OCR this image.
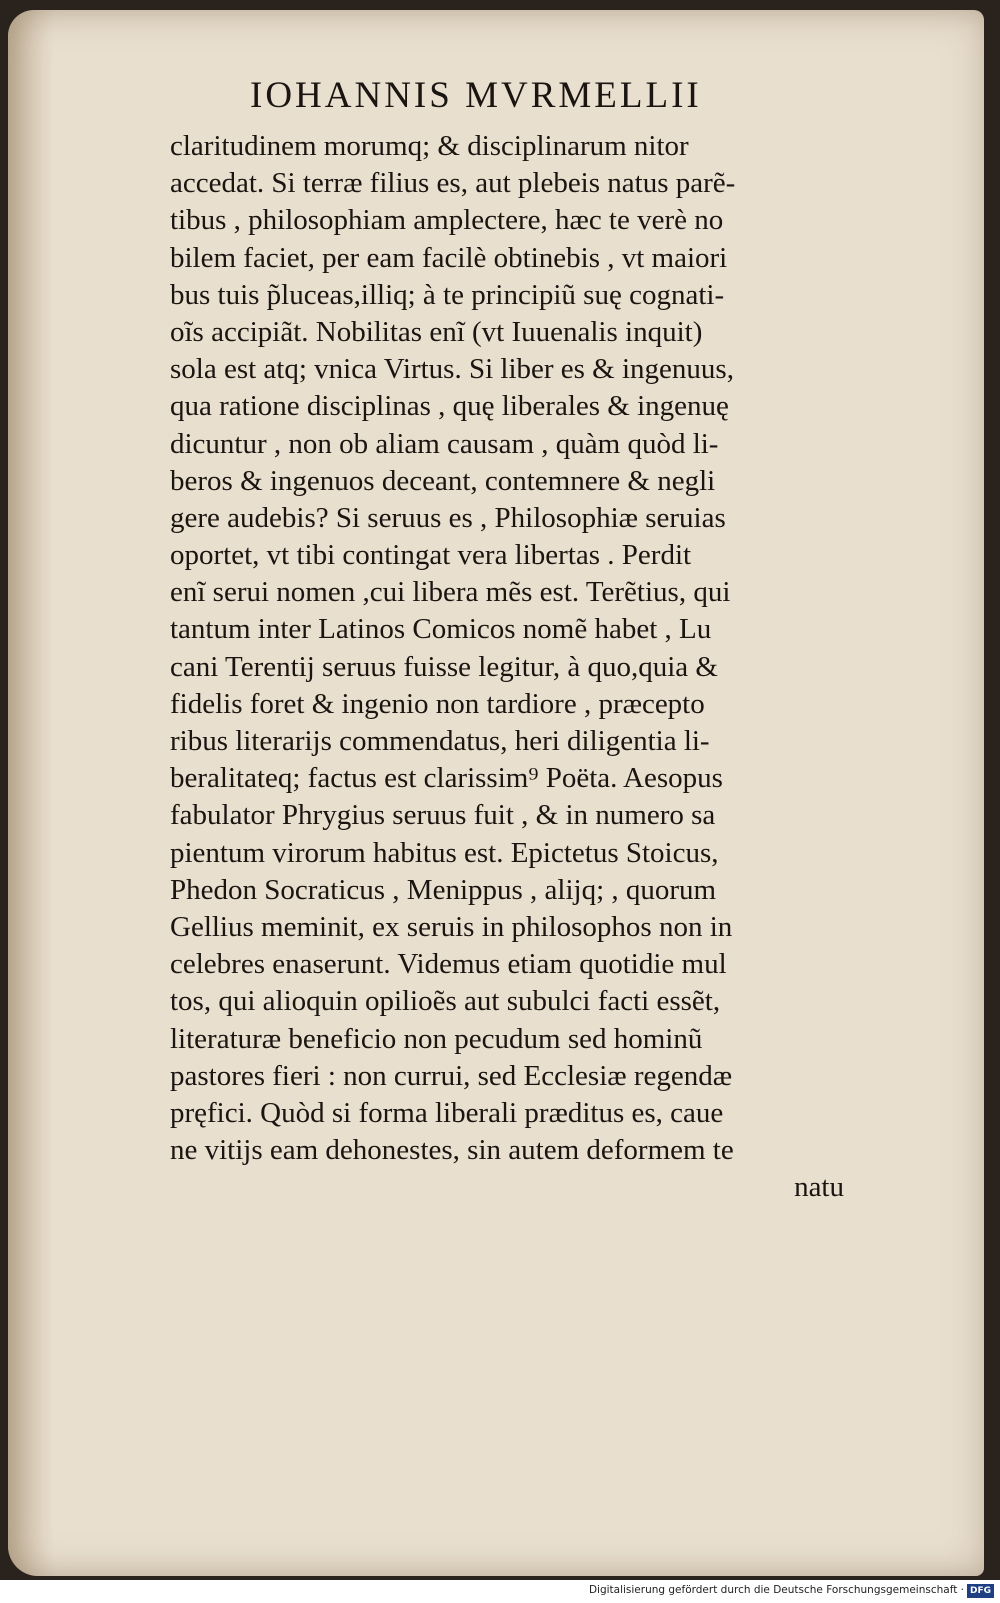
IOHANNIS MVRMELLII
claritudinem morumq; & disciplinarum nitor
accedat. Si terræ filius es, aut plebeis natus parẽ-
tibus , philosophiam amplectere, hæc te verè no
bilem faciet, per eam facilè obtinebis , vt maiori
bus tuis p̃luceas,illiq; à te principiũ suę cognati-
oĩs accipiãt. Nobilitas enĩ (vt Iuuenalis inquit)
sola est atq; vnica Virtus. Si liber es & ingenuus,
qua ratione disciplinas , quę liberales & ingenuę
dicuntur , non ob aliam causam , quàm quòd li-
beros & ingenuos deceant, contemnere & negli
gere audebis? Si seruus es , Philosophiæ seruias
oportet, vt tibi contingat vera libertas . Perdit
enĩ serui nomen ,cui libera mẽs est. Terẽtius, qui
tantum inter Latinos Comicos nomẽ habet , Lu
cani Terentij seruus fuisse legitur, à quo,quia &
fidelis foret & ingenio non tardiore , præcepto
ribus literarijs commendatus, heri diligentia li-
beralitateq; factus est clarissim⁹ Poëta. Aesopus
fabulator Phrygius seruus fuit , & in numero sa
pientum virorum habitus est. Epictetus Stoicus,
Phedon Socraticus , Menippus , alijq; , quorum
Gellius meminit, ex seruis in philosophos non in
celebres enaserunt. Videmus etiam quotidie mul
tos, qui alioquin opilioẽs aut subulci facti essẽt,
literaturæ beneficio non pecudum sed hominũ
pastores fieri : non currui, sed Ecclesiæ regendæ
pręfici. Quòd si forma liberali præditus es, caue
ne vitijs eam dehonestes, sin autem deformem te
natu
Digitalisierung gefördert durch die Deutsche Forschungsgemeinschaft · DFG
